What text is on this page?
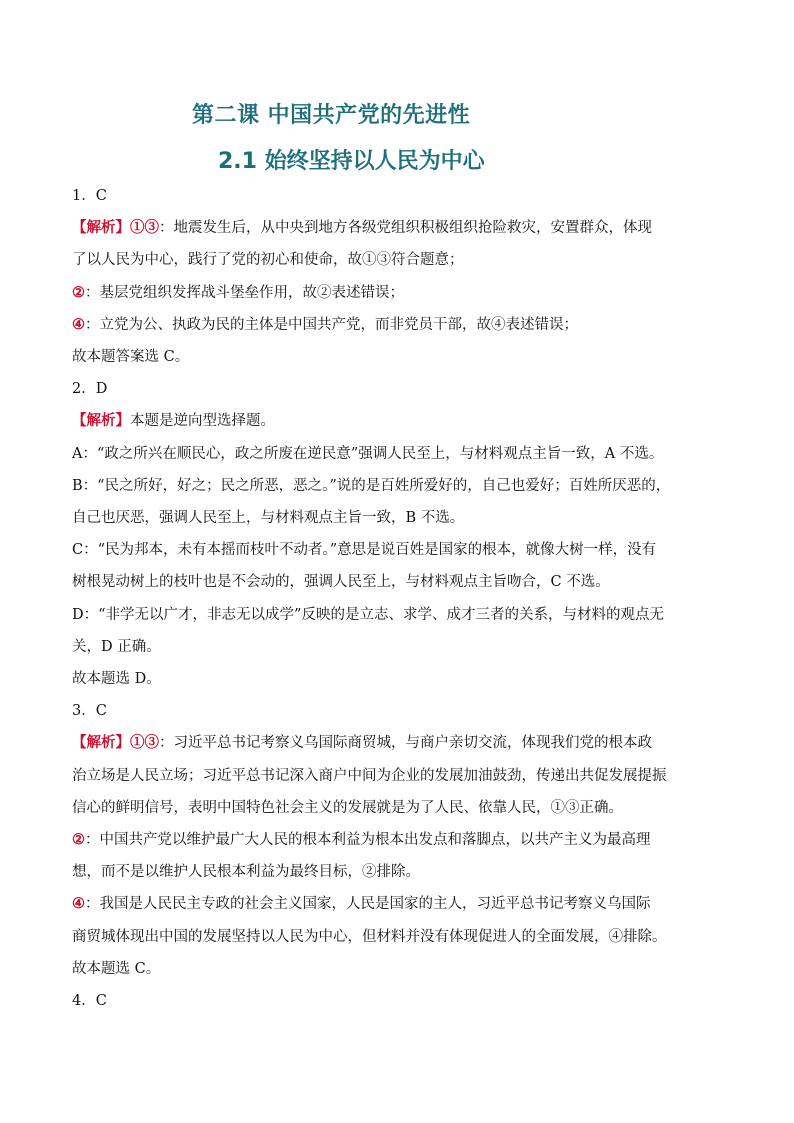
第二课 中国共产党的先进性
2.1 始终坚持以人民为中心
1．C
【解析】①③：地震发生后，从中央到地方各级党组织积极组织抢险救灾，安置群众，体现
了以人民为中心，践行了党的初心和使命，故①③符合题意；
②：基层党组织发挥战斗堡垒作用，故②表述错误；
④：立党为公、执政为民的主体是中国共产党，而非党员干部，故④表述错误；
故本题答案选 C。
2．D
【解析】本题是逆向型选择题。
A：“政之所兴在顺民心，政之所废在逆民意”强调人民至上，与材料观点主旨一致，A 不选。
B：“民之所好，好之；民之所恶，恶之。”说的是百姓所爱好的，自己也爱好；百姓所厌恶的，
自己也厌恶，强调人民至上，与材料观点主旨一致，B 不选。
C：“民为邦本，未有本摇而枝叶不动者。”意思是说百姓是国家的根本，就像大树一样，没有
树根晃动树上的枝叶也是不会动的，强调人民至上，与材料观点主旨吻合，C 不选。
D：“非学无以广才，非志无以成学”反映的是立志、求学、成才三者的关系，与材料的观点无
关，D 正确。
故本题选 D。
3．C
【解析】①③：习近平总书记考察义乌国际商贸城，与商户亲切交流，体现我们党的根本政
治立场是人民立场；习近平总书记深入商户中间为企业的发展加油鼓劲，传递出共促发展提振
信心的鲜明信号，表明中国特色社会主义的发展就是为了人民、依靠人民，①③正确。
②：中国共产党以维护最广大人民的根本利益为根本出发点和落脚点，以共产主义为最高理
想，而不是以维护人民根本利益为最终目标，②排除。
④：我国是人民民主专政的社会主义国家，人民是国家的主人，习近平总书记考察义乌国际
商贸城体现出中国的发展坚持以人民为中心，但材料并没有体现促进人的全面发展，④排除。
故本题选 C。
4．C
